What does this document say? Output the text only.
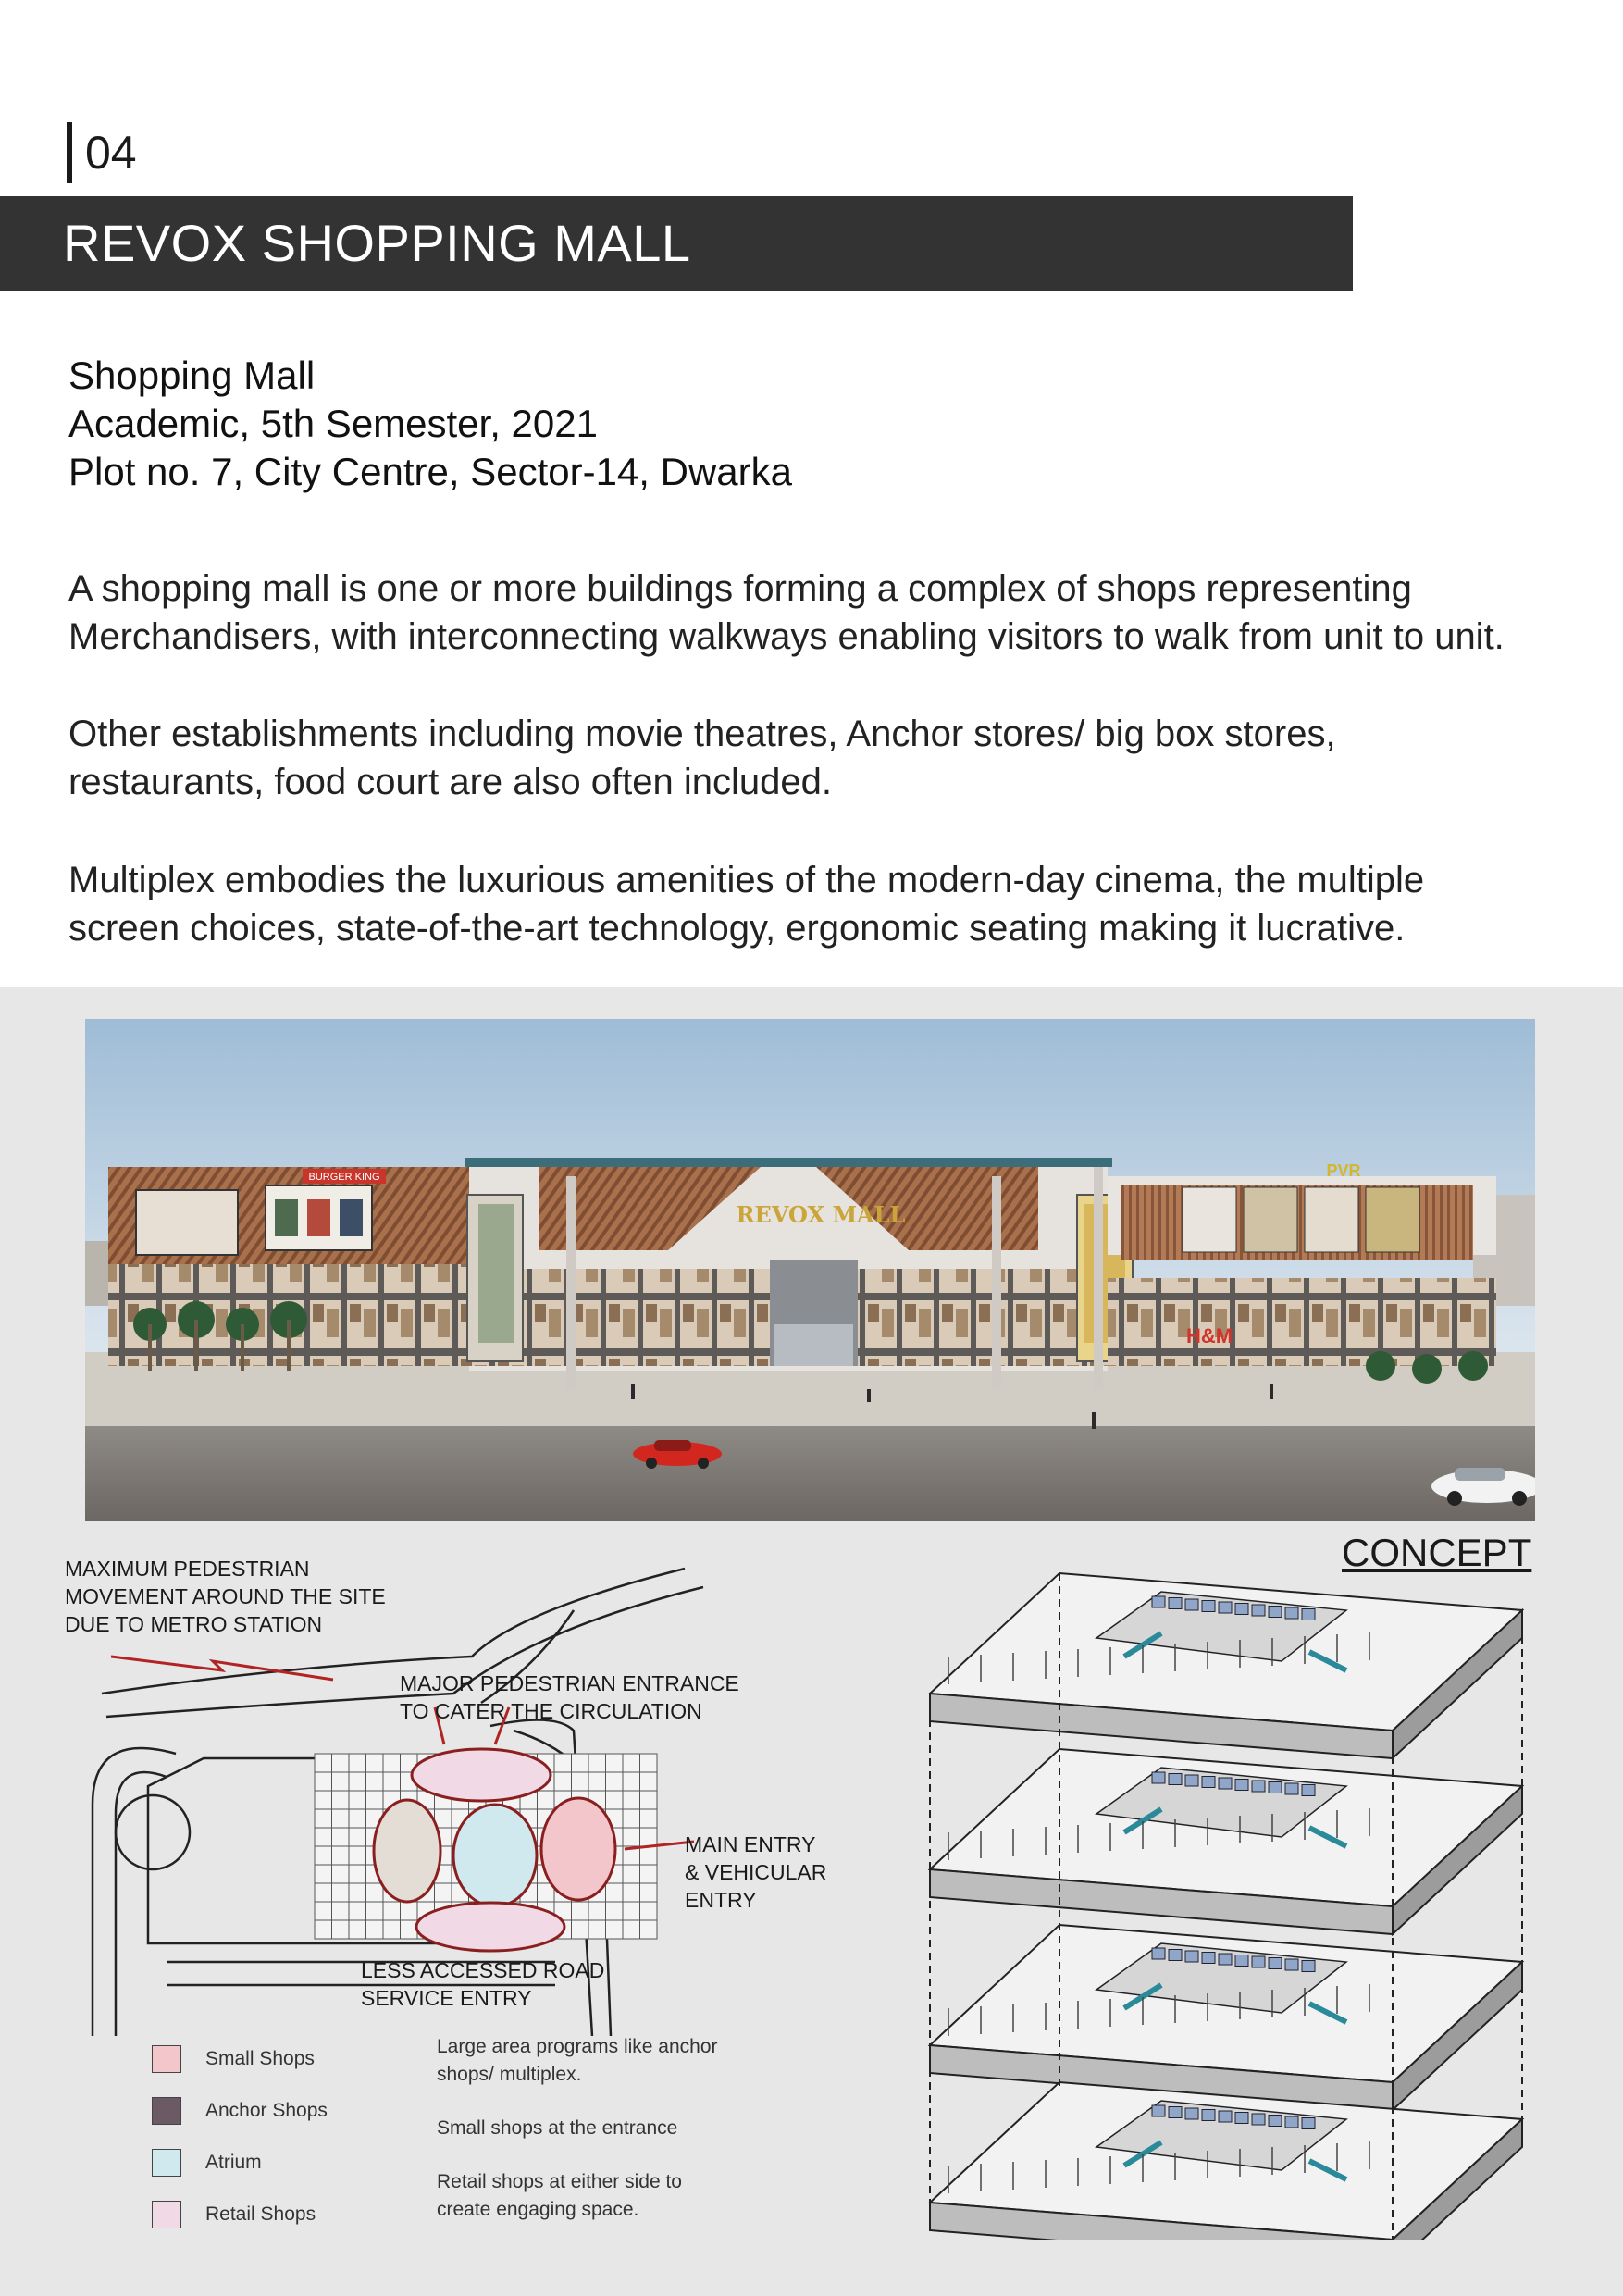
04
REVOX SHOPPING MALL
Shopping Mall
Academic, 5th Semester, 2021
Plot no. 7, City Centre, Sector-14, Dwarka
A shopping mall is one or more buildings forming a complex of shops representing
Merchandisers, with interconnecting walkways enabling visitors to walk from unit to unit.
Other establishments including movie theatres, Anchor stores/ big box stores,
restaurants, food court are also often included.
Multiplex embodies the luxurious amenities of the modern-day cinema, the multiple
screen choices, state-of-the-art technology, ergonomic seating making it lucrative.
BURGER KING
REVOX MALL
PVR
H&M
CONCEPT
MAXIMUM PEDESTRIAN
MOVEMENT AROUND THE SITE
DUE TO METRO STATION
MAJOR PEDESTRIAN ENTRANCE
TO CATER THE CIRCULATION
MAIN ENTRY
& VEHICULAR
ENTRY
LESS ACCESSED ROAD
SERVICE ENTRY
Small Shops
Anchor Shops
Atrium
Retail Shops
Large area programs like anchor
shops/ multiplex.
Small shops at the entrance
Retail shops at either side to
create engaging space.
